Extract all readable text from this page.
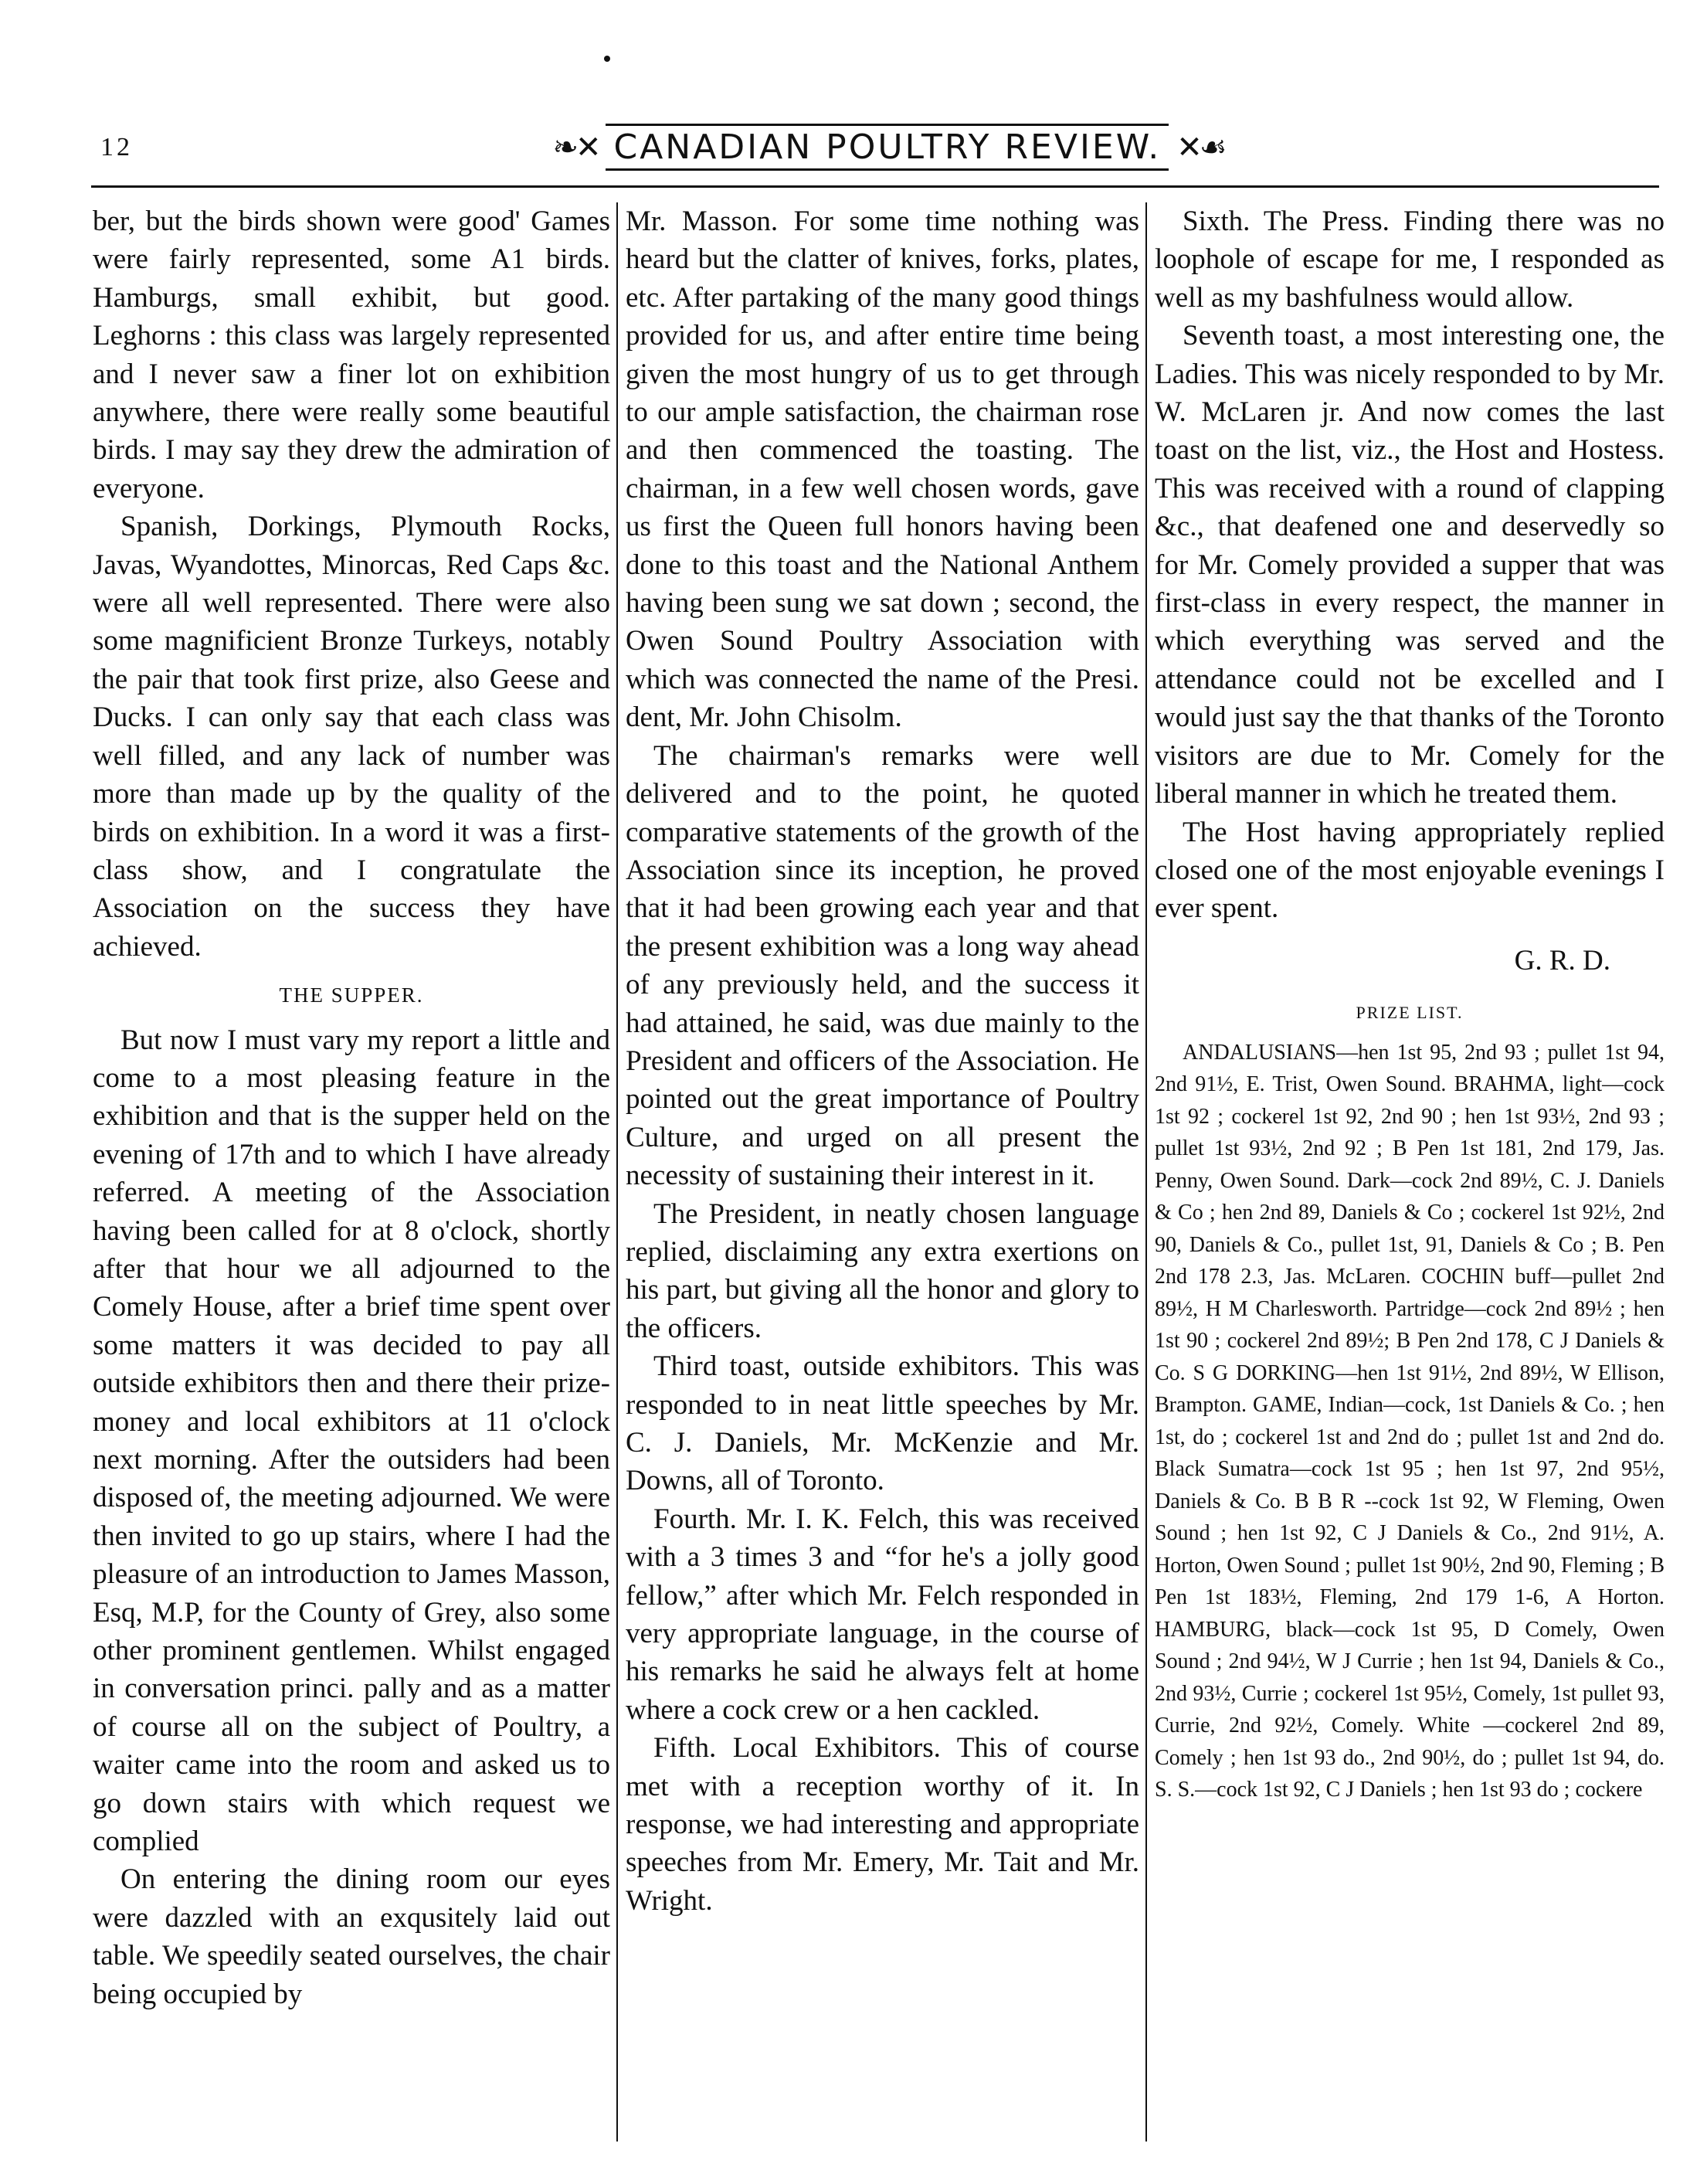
12	❧✕ CANADIAN POULTRY REVIEW. ✕☙

ber, but the birds shown were good' Games were fairly represented, some A1 birds. Hamburgs, small exhibit, but good. Leghorns : this class was largely represented and I never saw a finer lot on exhibition anywhere, there were really some beautiful birds. I may say they drew the admiration of everyone.

Spanish, Dorkings, Plymouth Rocks, Javas, Wyandottes, Minorcas, Red Caps &c. were all well represented. There were also some magnificient Bronze Turkeys, notably the pair that took first prize, also Geese and Ducks. I can only say that each class was well filled, and any lack of number was more than made up by the quality of the birds on exhibition. In a word it was a first-class show, and I congratulate the Association on the success they have achieved.

THE SUPPER.

But now I must vary my report a little and come to a most pleasing feature in the exhibition and that is the supper held on the evening of 17th and to which I have already referred. A meeting of the Association having been called for at 8 o'clock, shortly after that hour we all adjourned to the Comely House, after a brief time spent over some matters it was decided to pay all outside exhibitors then and there their prize-money and local exhibitors at 11 o'clock next morning. After the outsiders had been disposed of, the meeting adjourned. We were then invited to go up stairs, where I had the pleasure of an introduction to James Masson, Esq, M.P, for the County of Grey, also some other prominent gentlemen. Whilst engaged in conversation princi. pally and as a matter of course all on the subject of Poultry, a waiter came into the room and asked us to go down stairs with which request we complied

On entering the dining room our eyes were dazzled with an exqusitely laid out table. We speedily seated ourselves, the chair being occupied by

Mr. Masson. For some time nothing was heard but the clatter of knives, forks, plates, etc. After partaking of the many good things provided for us, and after entire time being given the most hungry of us to get through to our ample satisfaction, the chairman rose and then commenced the toasting. The chairman, in a few well chosen words, gave us first the Queen full honors having been done to this toast and the National Anthem having been sung we sat down ; second, the Owen Sound Poultry Association with which was connected the name of the Presi. dent, Mr. John Chisolm.

The chairman's remarks were well delivered and to the point, he quoted comparative statements of the growth of the Association since its inception, he proved that it had been growing each year and that the present exhibition was a long way ahead of any previously held, and the success it had attained, he said, was due mainly to the President and officers of the Association. He pointed out the great importance of Poultry Culture, and urged on all present the necessity of sustaining their interest in it.

The President, in neatly chosen language replied, disclaiming any extra exertions on his part, but giving all the honor and glory to the officers.

Third toast, outside exhibitors. This was responded to in neat little speeches by Mr. C. J. Daniels, Mr. McKenzie and Mr. Downs, all of Toronto.

Fourth. Mr. I. K. Felch, this was received with a 3 times 3 and “for he's a jolly good fellow,” after which Mr. Felch responded in very appropriate language, in the course of his remarks he said he always felt at home where a cock crew or a hen cackled.

Fifth. Local Exhibitors. This of course met with a reception worthy of it. In response, we had interesting and appropriate speeches from Mr. Emery, Mr. Tait and Mr. Wright.

Sixth. The Press. Finding there was no loophole of escape for me, I responded as well as my bashfulness would allow.

Seventh toast, a most interesting one, the Ladies. This was nicely responded to by Mr. W. McLaren jr. And now comes the last toast on the list, viz., the Host and Hostess. This was received with a round of clapping &c., that deafened one and deservedly so for Mr. Comely provided a supper that was first-class in every respect, the manner in which everything was served and the attendance could not be excelled and I would just say the that thanks of the Toronto visitors are due to Mr. Comely for the liberal manner in which he treated them.

The Host having appropriately replied closed one of the most enjoyable evenings I ever spent.

G. R. D.
PRIZE LIST.

ANDALUSIANS—hen 1st 95, 2nd 93 ; pullet 1st 94, 2nd 91½, E. Trist, Owen Sound. BRAHMA, light—cock 1st 92 ; cockerel 1st 92, 2nd 90 ; hen 1st 93½, 2nd 93 ; pullet 1st 93½, 2nd 92 ; B Pen 1st 181, 2nd 179, Jas. Penny, Owen Sound. Dark—cock 2nd 89½, C. J. Daniels & Co ; hen 2nd 89, Daniels & Co ; cockerel 1st 92½, 2nd 90, Daniels & Co., pullet 1st, 91, Daniels & Co ; B. Pen 2nd 178 2.3, Jas. McLaren. COCHIN buff—pullet 2nd 89½, H M Charlesworth. Partridge—cock 2nd 89½ ; hen 1st 90 ; cockerel 2nd 89½; B Pen 2nd 178, C J Daniels & Co. S G DORKING—hen 1st 91½, 2nd 89½, W Ellison, Brampton. GAME, Indian—cock, 1st Daniels & Co. ; hen 1st, do ; cockerel 1st and 2nd do ; pullet 1st and 2nd do. Black Sumatra—cock 1st 95 ; hen 1st 97, 2nd 95½, Daniels & Co. B B R --cock 1st 92, W Fleming, Owen Sound ; hen 1st 92, C J Daniels & Co., 2nd 91½, A. Horton, Owen Sound ; pullet 1st 90½, 2nd 90, Fleming ; B Pen 1st 183½, Fleming, 2nd 179 1-6, A Horton. HAMBURG, black—cock 1st 95, D Comely, Owen Sound ; 2nd 94½, W J Currie ; hen 1st 94, Daniels & Co., 2nd 93½, Currie ; cockerel 1st 95½, Comely, 1st pullet 93, Currie, 2nd 92½, Comely. White —cockerel 2nd 89, Comely ; hen 1st 93 do., 2nd 90½, do ; pullet 1st 94, do. S. S.—cock 1st 92, C J Daniels ; hen 1st 93 do ; cockere
